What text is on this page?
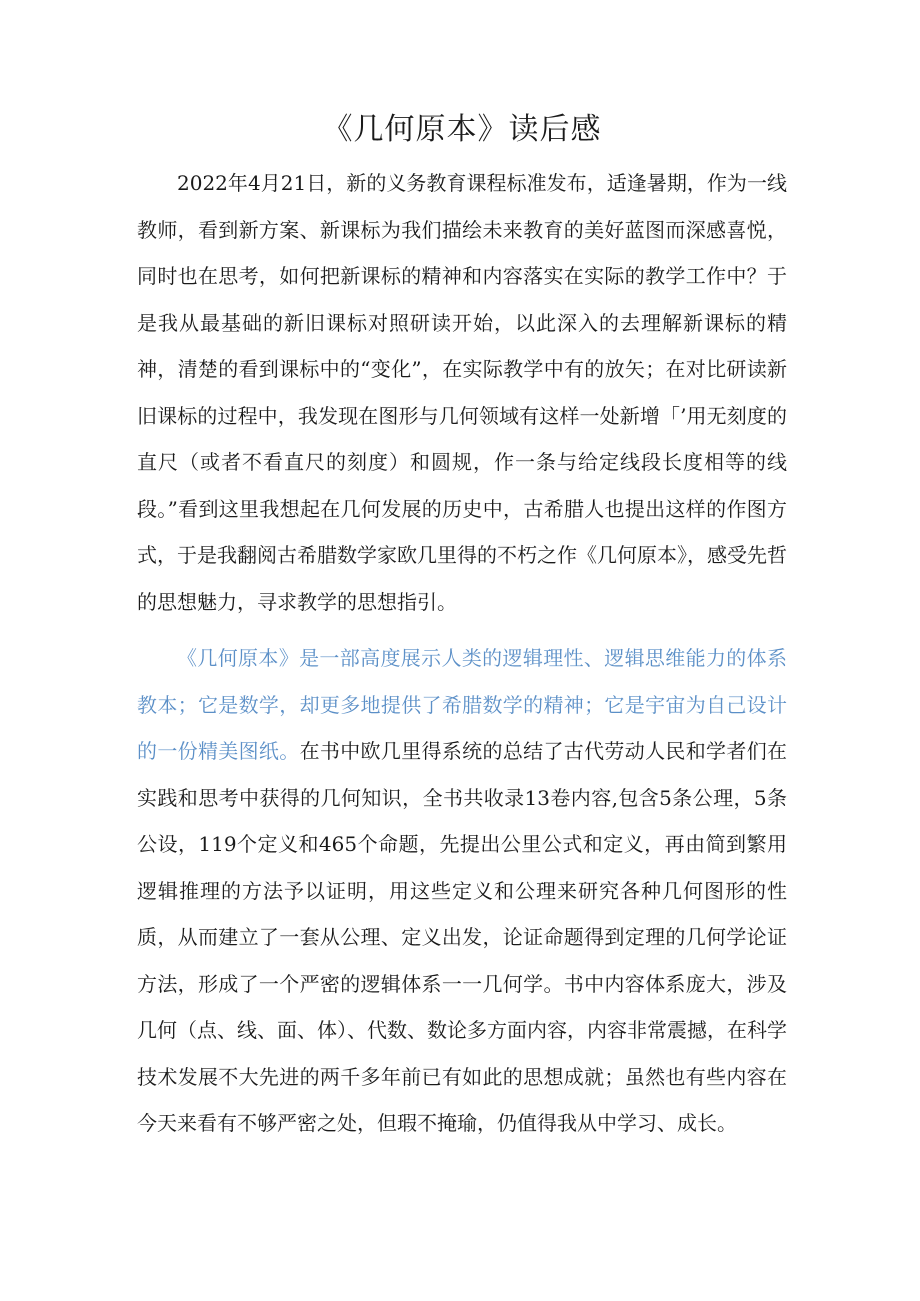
《几何原本》读后感

2022年4月21日，新的义务教育课程标准发布，适逢暑期，作为一线教师，看到新方案、新课标为我们描绘未来教育的美好蓝图而深感喜悦，同时也在思考，如何把新课标的精神和内容落实在实际的教学工作中？于是我从最基础的新旧课标对照研读开始，以此深入的去理解新课标的精神，清楚的看到课标中的“变化”，在实际教学中有的放矢；在对比研读新旧课标的过程中，我发现在图形与几何领域有这样一处新增「’用无刻度的直尺（或者不看直尺的刻度）和圆规，作一条与给定线段长度相等的线段。”看到这里我想起在几何发展的历史中，古希腊人也提出这样的作图方式，于是我翻阅古希腊数学家欧几里得的不朽之作《几何原本》，感受先哲的思想魅力，寻求教学的思想指引。

《几何原本》是一部高度展示人类的逻辑理性、逻辑思维能力的体系教本；它是数学，却更多地提供了希腊数学的精神；它是宇宙为自己设计的一份精美图纸。在书中欧几里得系统的总结了古代劳动人民和学者们在实践和思考中获得的几何知识，全书共收录13卷内容,包含5条公理，5条公设，119个定义和465个命题，先提出公里公式和定义，再由简到繁用逻辑推理的方法予以证明，用这些定义和公理来研究各种几何图形的性质，从而建立了一套从公理、定义出发，论证命题得到定理的几何学论证方法，形成了一个严密的逻辑体系一一几何学。书中内容体系庞大，涉及几何（点、线、面、体）、代数、数论多方面内容，内容非常震撼，在科学技术发展不大先进的两千多年前已有如此的思想成就；虽然也有些内容在今天来看有不够严密之处，但瑕不掩瑜，仍值得我从中学习、成长。
